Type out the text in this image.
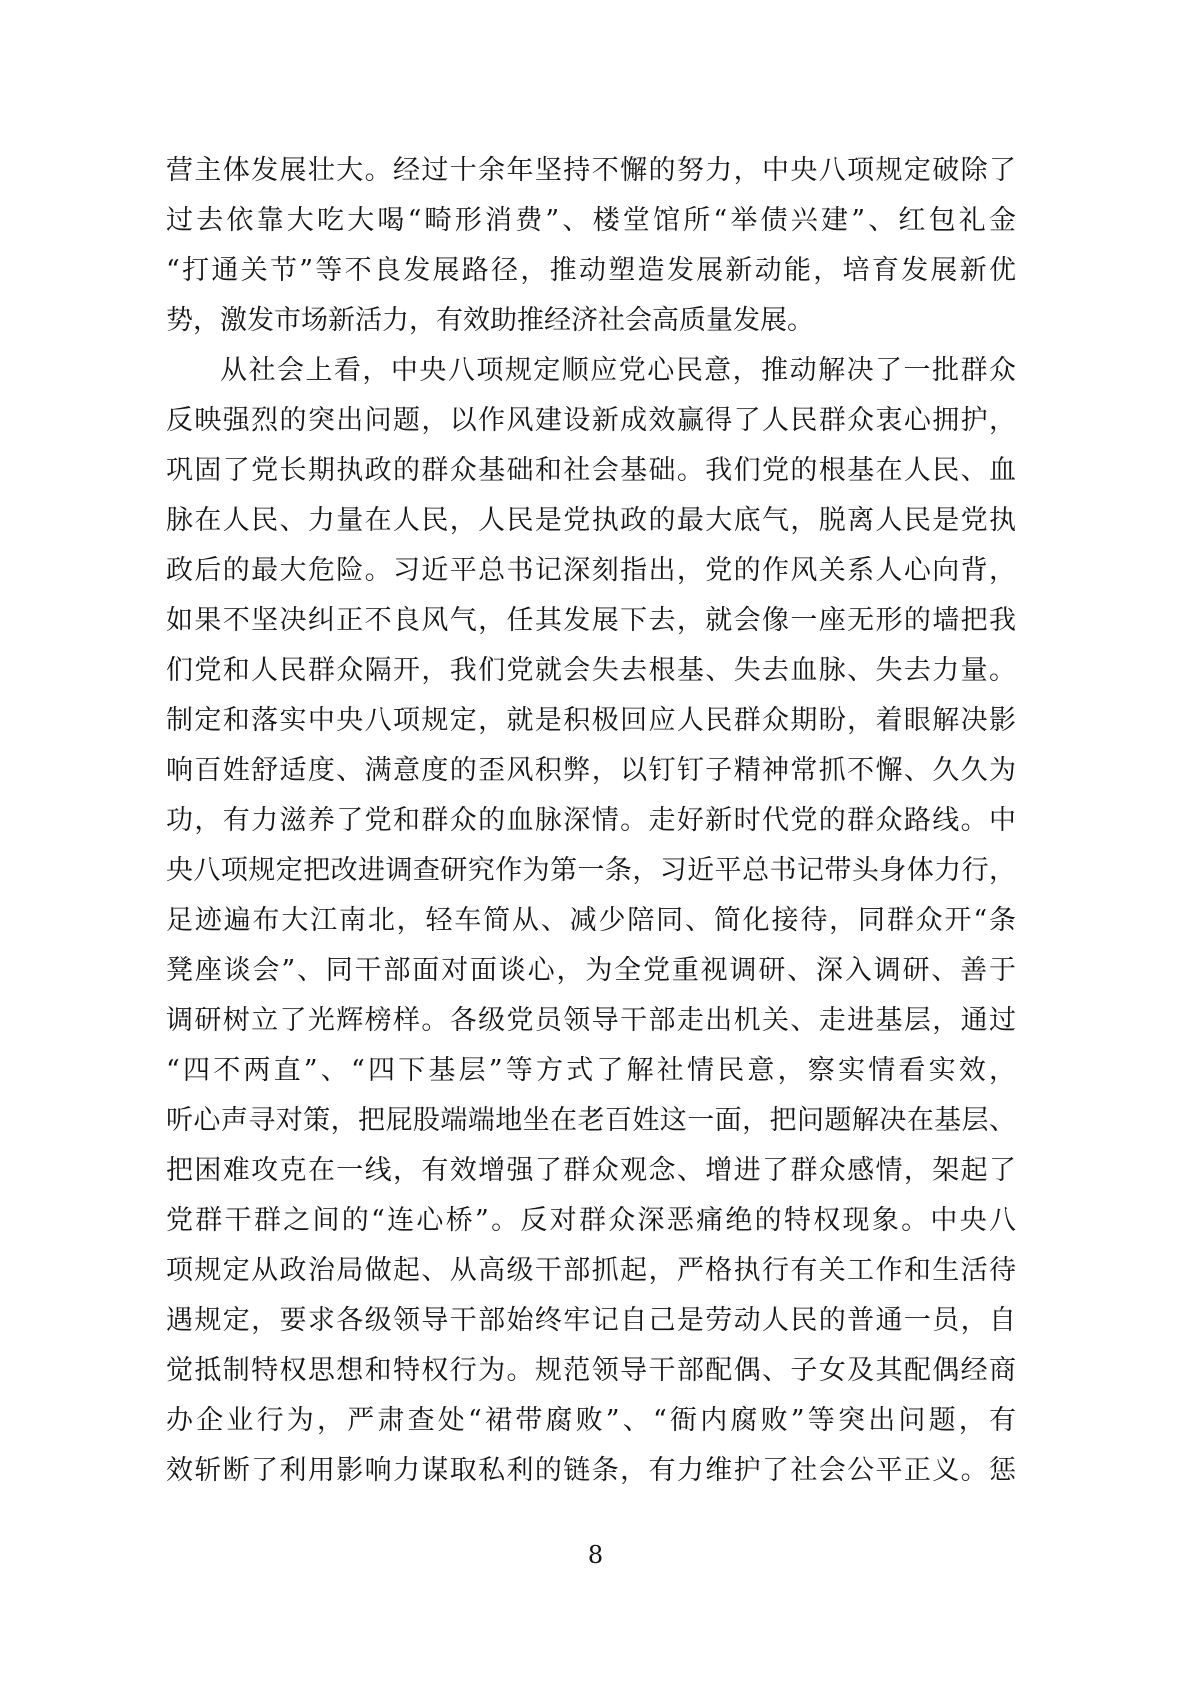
营主体发展壮大。经过十余年坚持不懈的努力，中央八项规定破除了
过去依靠大吃大喝“畸形消费”、楼堂馆所“举债兴建”、红包礼金
“打通关节”等不良发展路径，推动塑造发展新动能，培育发展新优
势，激发市场新活力，有效助推经济社会高质量发展。
从社会上看，中央八项规定顺应党心民意，推动解决了一批群众
反映强烈的突出问题，以作风建设新成效赢得了人民群众衷心拥护，
巩固了党长期执政的群众基础和社会基础。我们党的根基在人民、血
脉在人民、力量在人民，人民是党执政的最大底气，脱离人民是党执
政后的最大危险。习近平总书记深刻指出，党的作风关系人心向背，
如果不坚决纠正不良风气，任其发展下去，就会像一座无形的墙把我
们党和人民群众隔开，我们党就会失去根基、失去血脉、失去力量。
制定和落实中央八项规定，就是积极回应人民群众期盼，着眼解决影
响百姓舒适度、满意度的歪风积弊，以钉钉子精神常抓不懈、久久为
功，有力滋养了党和群众的血脉深情。走好新时代党的群众路线。中
央八项规定把改进调查研究作为第一条，习近平总书记带头身体力行，
足迹遍布大江南北，轻车简从、减少陪同、简化接待，同群众开“条
凳座谈会”、同干部面对面谈心，为全党重视调研、深入调研、善于
调研树立了光辉榜样。各级党员领导干部走出机关、走进基层，通过
“四不两直”、“四下基层”等方式了解社情民意，察实情看实效，
听心声寻对策，把屁股端端地坐在老百姓这一面，把问题解决在基层、
把困难攻克在一线，有效增强了群众观念、增进了群众感情，架起了
党群干群之间的“连心桥”。反对群众深恶痛绝的特权现象。中央八
项规定从政治局做起、从高级干部抓起，严格执行有关工作和生活待
遇规定，要求各级领导干部始终牢记自己是劳动人民的普通一员，自
觉抵制特权思想和特权行为。规范领导干部配偶、子女及其配偶经商
办企业行为，严肃查处“裙带腐败”、“衙内腐败”等突出问题，有
效斩断了利用影响力谋取私利的链条，有力维护了社会公平正义。惩
8
